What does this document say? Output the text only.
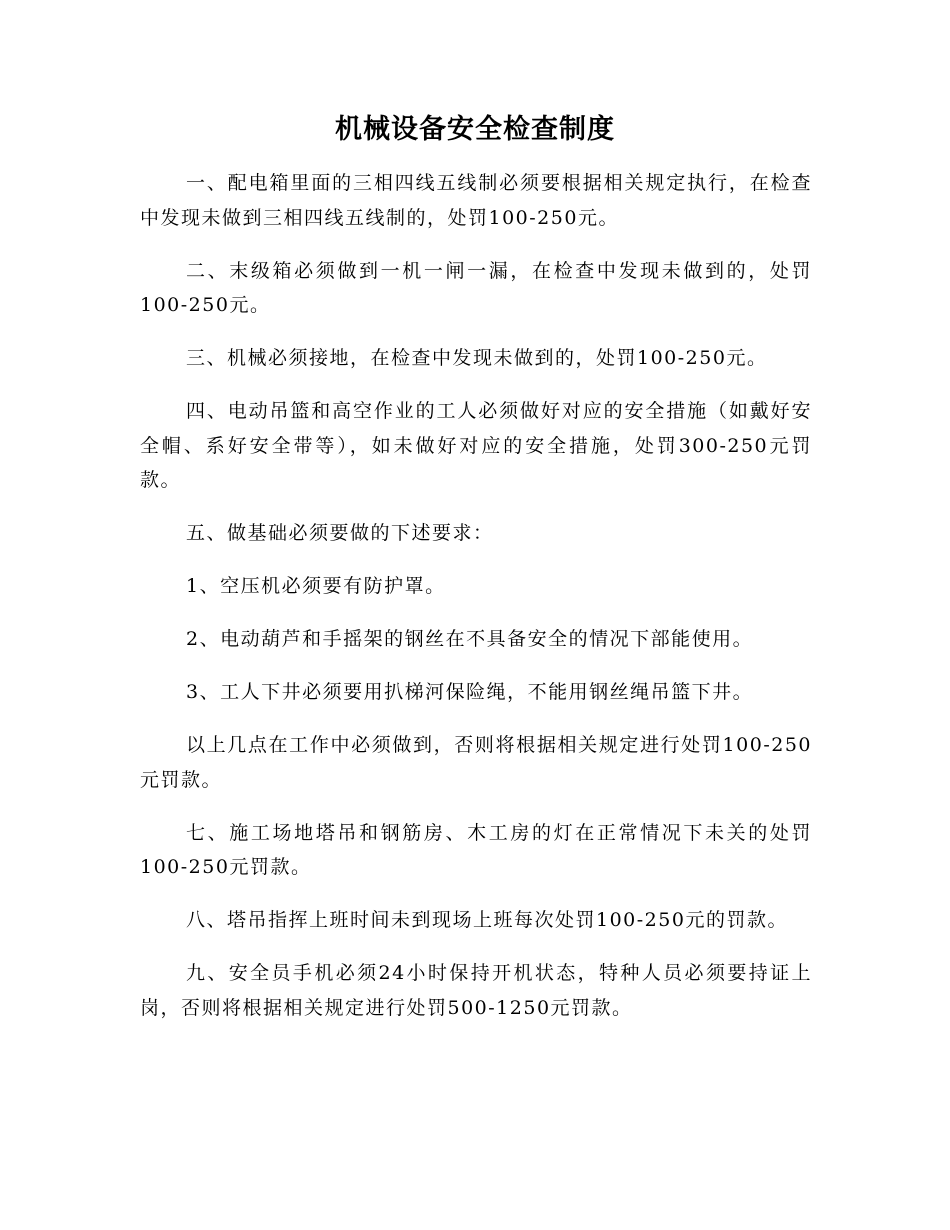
机械设备安全检查制度

一、配电箱里面的三相四线五线制必须要根据相关规定执行，在检查中发现未做到三相四线五线制的，处罚100-250元。

二、末级箱必须做到一机一闸一漏，在检查中发现未做到的，处罚100-250元。

三、机械必须接地，在检查中发现未做到的，处罚100-250元。

四、电动吊篮和高空作业的工人必须做好对应的安全措施（如戴好安全帽、系好安全带等），如未做好对应的安全措施，处罚300-250元罚款。

五、做基础必须要做的下述要求：

1、空压机必须要有防护罩。

2、电动葫芦和手摇架的钢丝在不具备安全的情况下部能使用。

3、工人下井必须要用扒梯河保险绳，不能用钢丝绳吊篮下井。

以上几点在工作中必须做到，否则将根据相关规定进行处罚100-250元罚款。

七、施工场地塔吊和钢筋房、木工房的灯在正常情况下未关的处罚100-250元罚款。

八、塔吊指挥上班时间未到现场上班每次处罚100-250元的罚款。

九、安全员手机必须24小时保持开机状态，特种人员必须要持证上岗，否则将根据相关规定进行处罚500-1250元罚款。
